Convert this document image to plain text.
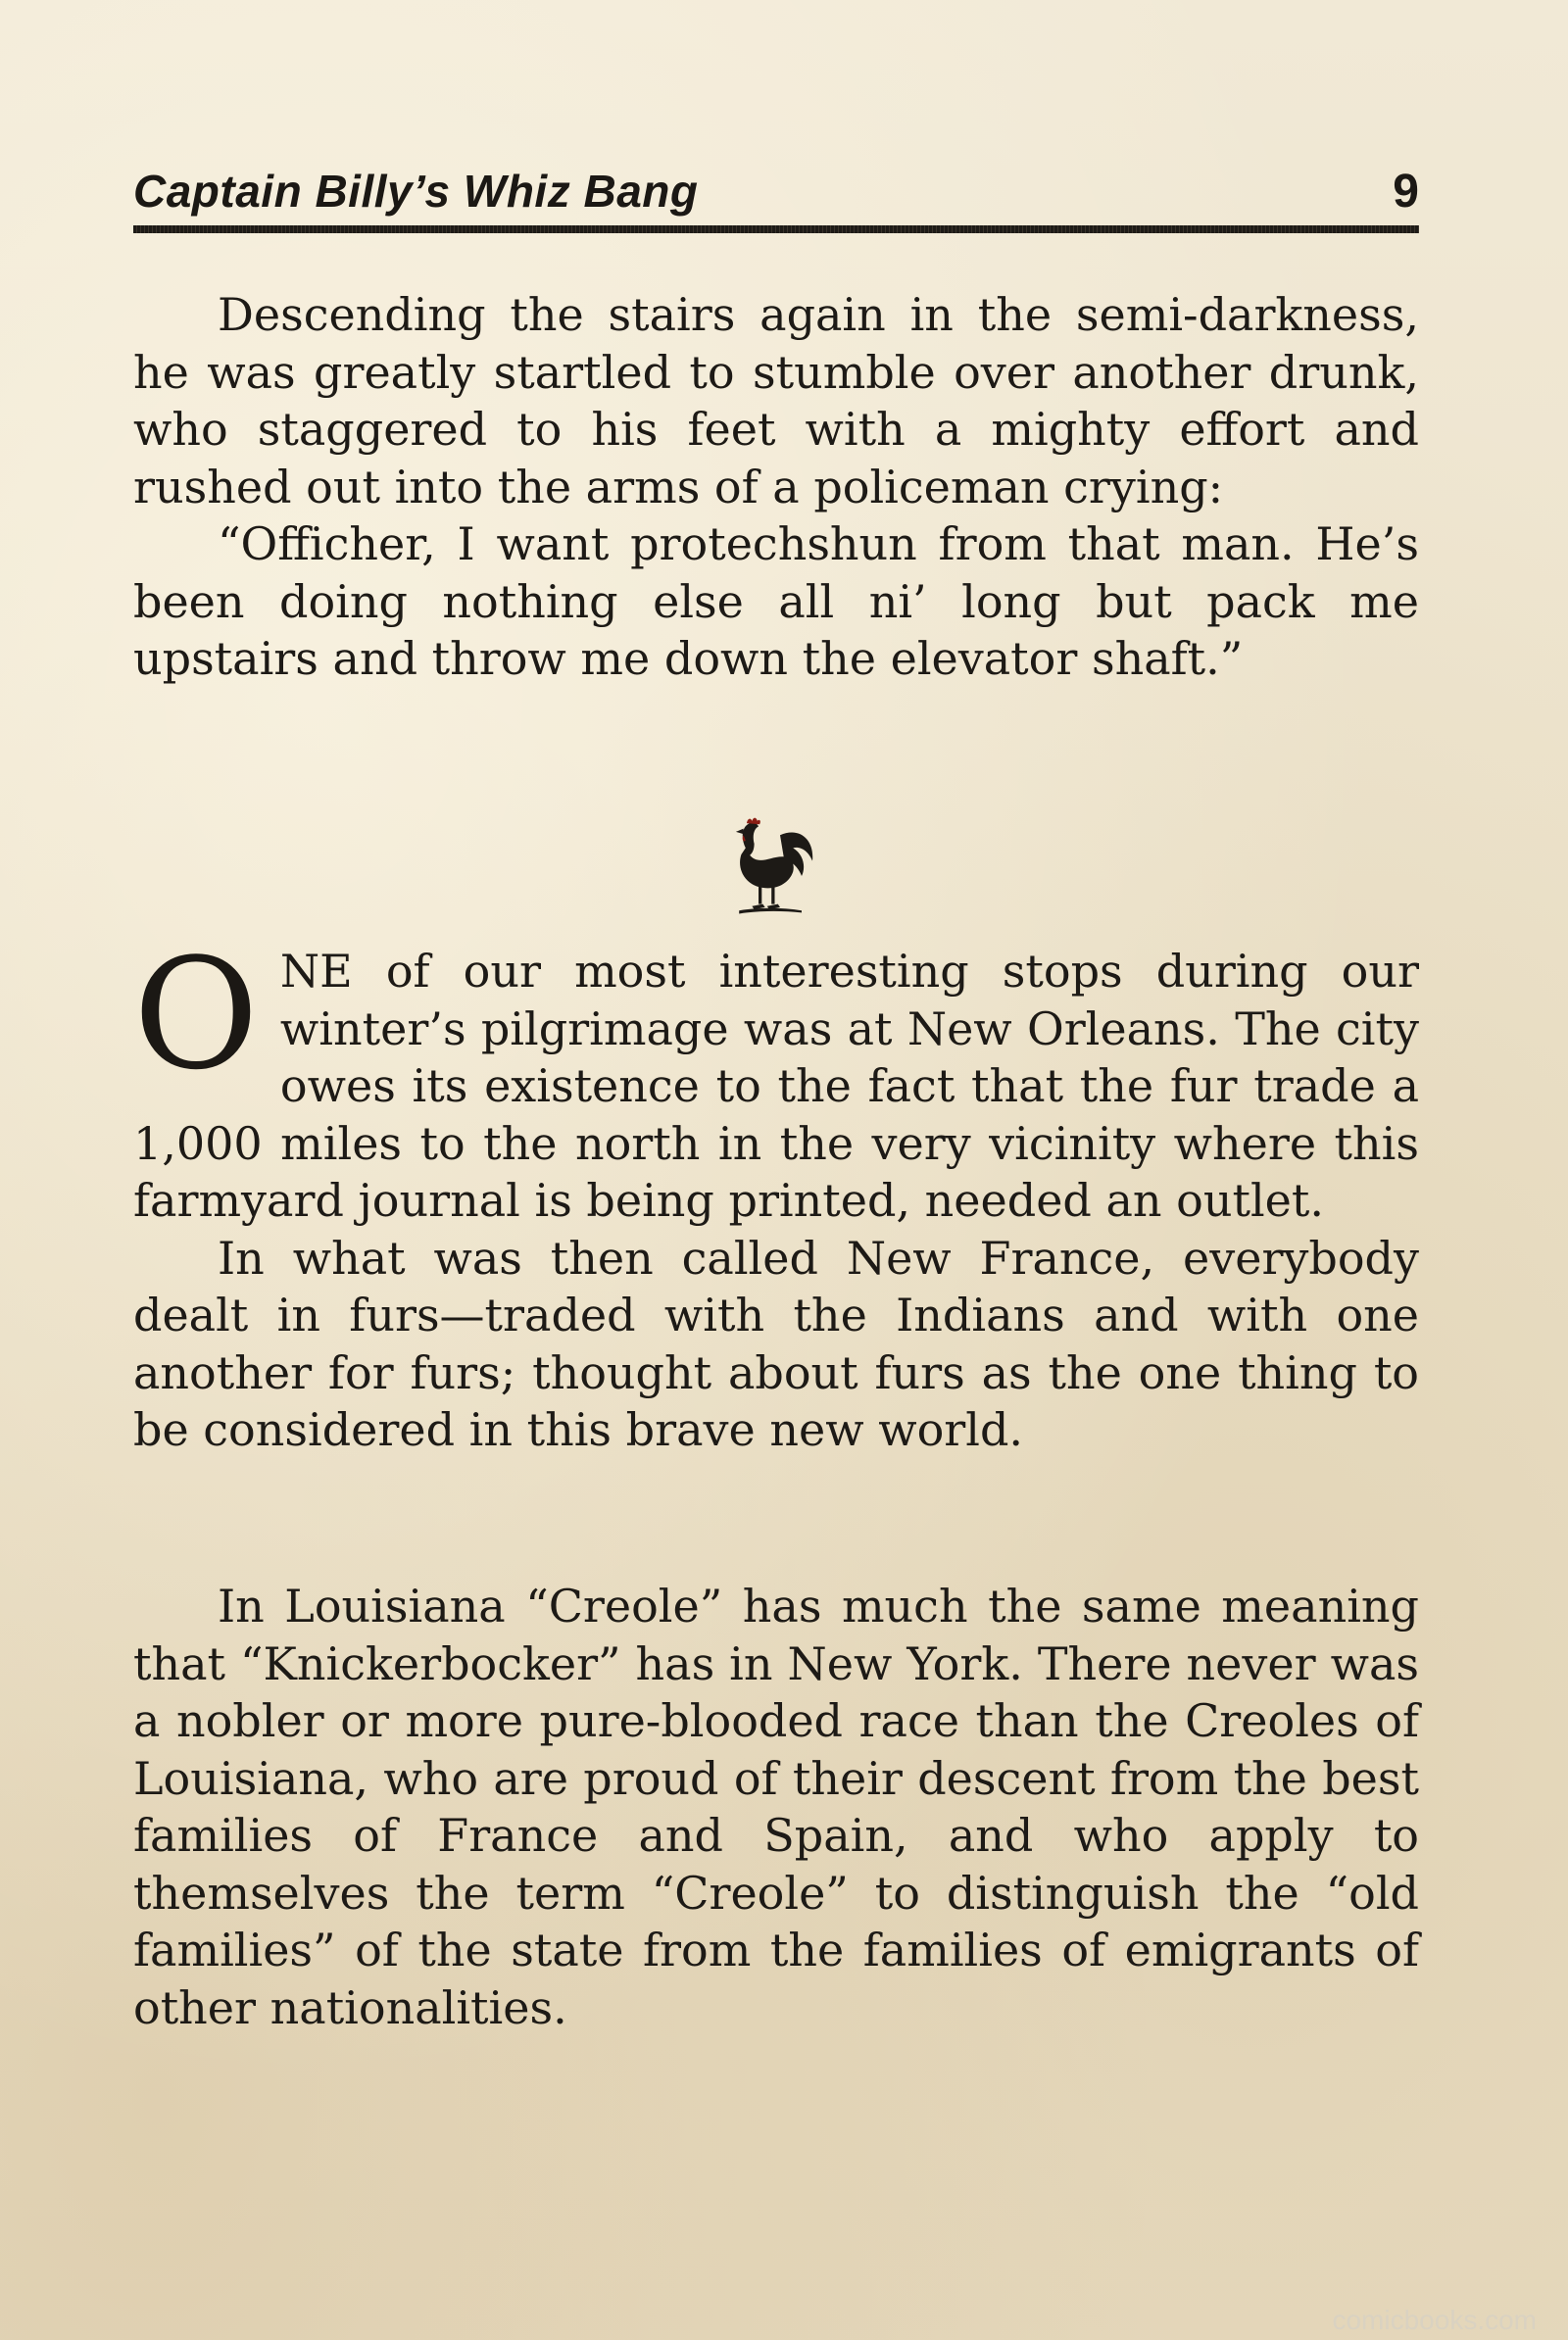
Captain Billy’s Whiz Bang	9

Descending the stairs again in the semi-darkness, he was greatly startled to stumble over another drunk, who staggered to his feet with a mighty effort and rushed out into the arms of a policeman crying:

“Officher, I want protechshun from that man. He’s been doing nothing else all ni’ long but pack me upstairs and throw me down the elevator shaft.”

ONE of our most interesting stops during our winter’s pilgrimage was at New Orleans. The city owes its existence to the fact that the fur trade a 1,000 miles to the north in the very vicinity where this farmyard journal is being printed, needed an outlet.

In what was then called New France, everybody dealt in furs—traded with the Indians and with one another for furs; thought about furs as the one thing to be considered in this brave new world.

In Louisiana “Creole” has much the same meaning that “Knickerbocker” has in New York. There never was a nobler or more pure-blooded race than the Creoles of Louisiana, who are proud of their descent from the best families of France and Spain, and who apply to themselves the term “Creole” to distinguish the “old families” of the state from the families of emigrants of other nationalities.

comicbooks.com
